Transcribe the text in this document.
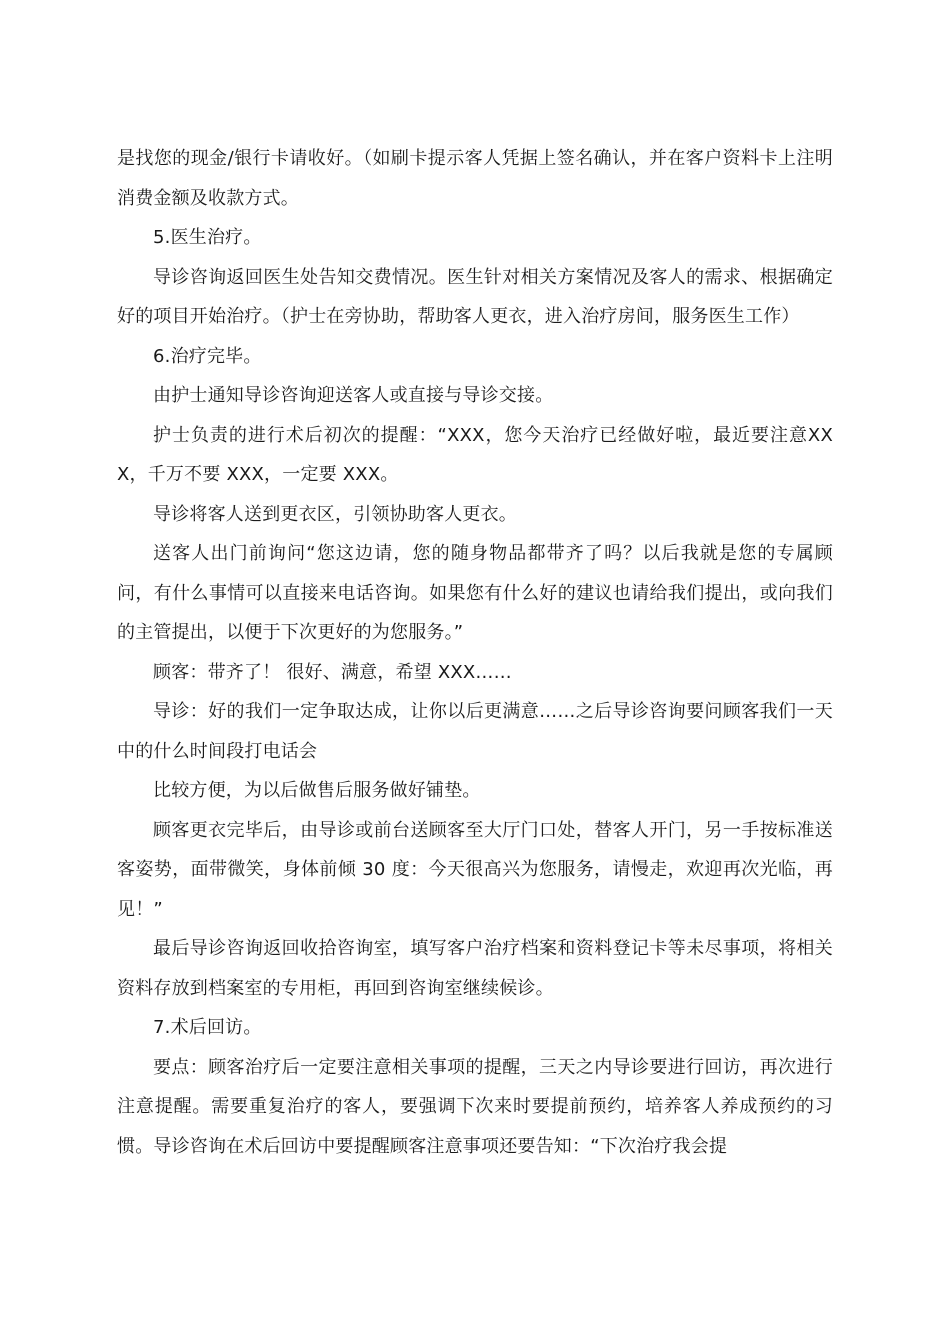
是找您的现金/银行卡请收好。（如刷卡提示客人凭据上签名确认，并在客户资料卡上注明消费金额及收款方式。

5.医生治疗。

导诊咨询返回医生处告知交费情况。医生针对相关方案情况及客人的需求、根据确定好的项目开始治疗。（护士在旁协助，帮助客人更衣，进入治疗房间，服务医生工作）

6.治疗完毕。

由护士通知导诊咨询迎送客人或直接与导诊交接。

护士负责的进行术后初次的提醒：“XXX，您今天治疗已经做好啦，最近要注意XXX，千万不要 XXX，一定要 XXX。

导诊将客人送到更衣区，引领协助客人更衣。

送客人出门前询问“您这边请，您的随身物品都带齐了吗？以后我就是您的专属顾问，有什么事情可以直接来电话咨询。如果您有什么好的建议也请给我们提出，或向我们的主管提出，以便于下次更好的为您服务。”

顾客：带齐了！ 很好、满意，希望 XXX……

导诊：好的我们一定争取达成，让你以后更满意……之后导诊咨询要问顾客我们一天中的什么时间段打电话会

比较方便，为以后做售后服务做好铺垫。

顾客更衣完毕后，由导诊或前台送顾客至大厅门口处，替客人开门，另一手按标准送客姿势，面带微笑，身体前倾 30 度：今天很高兴为您服务，请慢走，欢迎再次光临，再见！”

最后导诊咨询返回收拾咨询室，填写客户治疗档案和资料登记卡等未尽事项，将相关资料存放到档案室的专用柜，再回到咨询室继续候诊。

7.术后回访。

要点：顾客治疗后一定要注意相关事项的提醒，三天之内导诊要进行回访，再次进行注意提醒。需要重复治疗的客人，要强调下次来时要提前预约，培养客人养成预约的习惯。导诊咨询在术后回访中要提醒顾客注意事项还要告知：“下次治疗我会提
